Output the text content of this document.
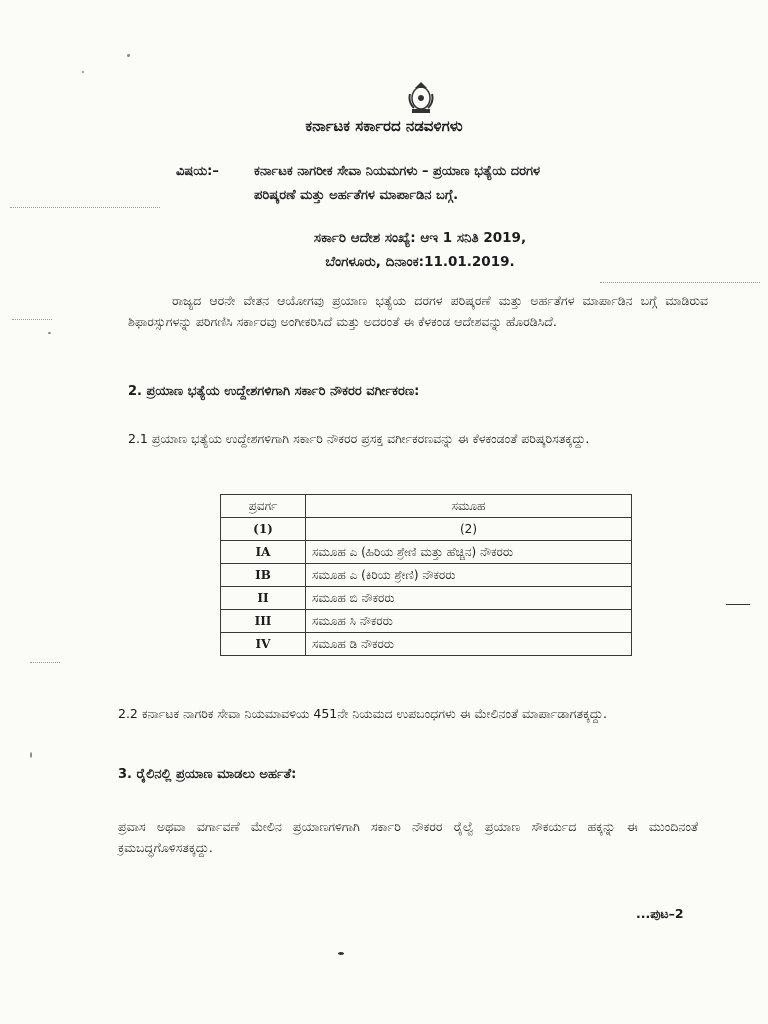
ಕರ್ನಾಟಕ ಸರ್ಕಾರದ ನಡವಳಿಗಳು
ವಿಷಯ:–	ಕರ್ನಾಟಕ ನಾಗರೀಕ ಸೇವಾ ನಿಯಮಗಳು – ಪ್ರಯಾಣ ಭತ್ಯೆಯ ದರಗಳ
ಪರಿಷ್ಕರಣೆ ಮತ್ತು ಅರ್ಹತೆಗಳ ಮಾರ್ಪಾಡಿನ ಬಗ್ಗೆ.
ಸರ್ಕಾರಿ ಆದೇಶ ಸಂಖ್ಯೆ: ಆಇ 1 ಸನಿತಿ 2019,
ಬೆಂಗಳೂರು, ದಿನಾಂಕ:11.01.2019.
ರಾಜ್ಯದ ಆರನೇ ವೇತನ ಆಯೋಗವು ಪ್ರಯಾಣ ಭತ್ಯೆಯ ದರಗಳ ಪರಿಷ್ಕರಣೆ ಮತ್ತು ಅರ್ಹತೆಗಳ ಮಾರ್ಪಾಡಿನ ಬಗ್ಗೆ ಮಾಡಿರುವ ಶಿಫಾರಸ್ಸುಗಳನ್ನು ಪರಿಗಣಿಸಿ ಸರ್ಕಾರವು ಅಂಗೀಕರಿಸಿದೆ ಮತ್ತು ಅದರಂತೆ ಈ ಕೆಳಕಂಡ ಆದೇಶವನ್ನು ಹೊರಡಿಸಿದೆ.
2. ಪ್ರಯಾಣ ಭತ್ಯೆಯ ಉದ್ದೇಶಗಳಿಗಾಗಿ ಸರ್ಕಾರಿ ನೌಕರರ ವರ್ಗೀಕರಣ:
2.1 ಪ್ರಯಾಣ ಭತ್ಯೆಯ ಉದ್ದೇಶಗಳಿಗಾಗಿ ಸರ್ಕಾರಿ ನೌಕರರ ಪ್ರಸಕ್ತ ವರ್ಗೀಕರಣವನ್ನು ಈ ಕೆಳಕಂಡಂತೆ ಪರಿಷ್ಕರಿಸತಕ್ಕದ್ದು.
ಪ್ರವರ್ಗ	ಸಮೂಹ
(1)	(2)
IA	ಸಮೂಹ ಎ (ಹಿರಿಯ ಶ್ರೇಣಿ ಮತ್ತು ಹೆಚ್ಚಿನ) ನೌಕರರು
IB	ಸಮೂಹ ಎ (ಕಿರಿಯ ಶ್ರೇಣಿ) ನೌಕರರು
II	ಸಮೂಹ ಬಿ ನೌಕರರು
III	ಸಮೂಹ ಸಿ ನೌಕರರು
IV	ಸಮೂಹ ಡಿ ನೌಕರರು
2.2 ಕರ್ನಾಟಕ ನಾಗರಿಕ ಸೇವಾ ನಿಯಮಾವಳಿಯ 451ನೇ ನಿಯಮದ ಉಪಬಂಧಗಳು ಈ ಮೇಲಿನಂತೆ ಮಾರ್ಪಾಡಾಗತಕ್ಕದ್ದು.
3. ರೈಲಿನಲ್ಲಿ ಪ್ರಯಾಣ ಮಾಡಲು ಅರ್ಹತೆ:
ಪ್ರವಾಸ ಅಥವಾ ವರ್ಗಾವಣೆ ಮೇಲಿನ ಪ್ರಯಾಣಗಳಿಗಾಗಿ ಸರ್ಕಾರಿ ನೌಕರರ ರೈಲ್ವೆ ಪ್ರಯಾಣ ಸೌಕರ್ಯದ ಹಕ್ಕನ್ನು ಈ ಮುಂದಿನಂತೆ ಕ್ರಮಬದ್ಧಗೊಳಿಸತಕ್ಕದ್ದು.
...ಪುಟ–2
